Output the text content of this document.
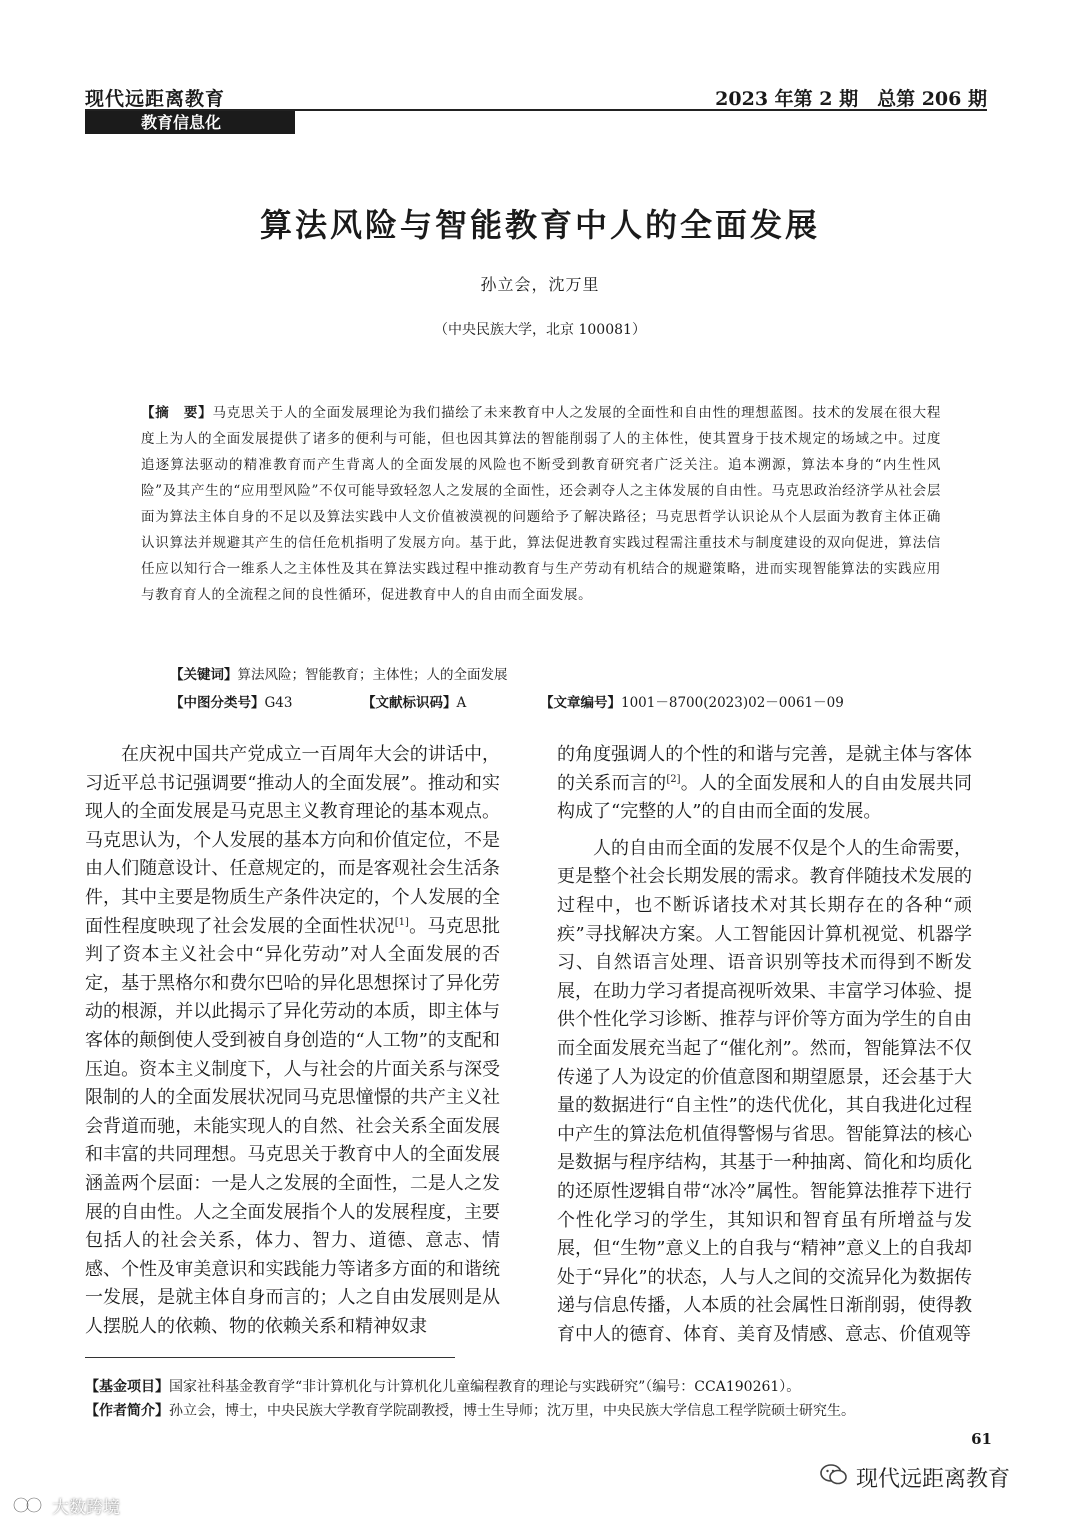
现代远距离教育	2023 年第 2 期　总第 206 期
教育信息化
算法风险与智能教育中人的全面发展
孙立会，沈万里
（中央民族大学，北京 100081）
【摘　要】马克思关于人的全面发展理论为我们描绘了未来教育中人之发展的全面性和自由性的理想蓝图。技术的发展在很大程度上为人的全面发展提供了诸多的便利与可能，但也因其算法的智能削弱了人的主体性，使其置身于技术规定的场域之中。过度追逐算法驱动的精准教育而产生背离人的全面发展的风险也不断受到教育研究者广泛关注。追本溯源，算法本身的“内生性风险”及其产生的“应用型风险”不仅可能导致轻忽人之发展的全面性，还会剥夺人之主体发展的自由性。马克思政治经济学从社会层面为算法主体自身的不足以及算法实践中人文价值被漠视的问题给予了解决路径；马克思哲学认识论从个人层面为教育主体正确认识算法并规避其产生的信任危机指明了发展方向。基于此，算法促进教育实践过程需注重技术与制度建设的双向促进，算法信任应以知行合一维系人之主体性及其在算法实践过程中推动教育与生产劳动有机结合的规避策略，进而实现智能算法的实践应用与教育育人的全流程之间的良性循环，促进教育中人的自由而全面发展。
【关键词】算法风险；智能教育；主体性；人的全面发展
【中图分类号】G43	【文献标识码】A	【文章编号】1001－8700(2023)02－0061－09

在庆祝中国共产党成立一百周年大会的讲话中，习近平总书记强调要“推动人的全面发展”。推动和实现人的全面发展是马克思主义教育理论的基本观点。马克思认为，个人发展的基本方向和价值定位，不是由人们随意设计、任意规定的，而是客观社会生活条件，其中主要是物质生产条件决定的，个人发展的全面性程度映现了社会发展的全面性状况[1]。马克思批判了资本主义社会中“异化劳动”对人全面发展的否定，基于黑格尔和费尔巴哈的异化思想探讨了异化劳动的根源，并以此揭示了异化劳动的本质，即主体与客体的颠倒使人受到被自身创造的“人工物”的支配和压迫。资本主义制度下，人与社会的片面关系与深受限制的人的全面发展状况同马克思憧憬的共产主义社会背道而驰，未能实现人的自然、社会关系全面发展和丰富的共同理想。马克思关于教育中人的全面发展涵盖两个层面：一是人之发展的全面性，二是人之发展的自由性。人之全面发展指个人的发展程度，主要包括人的社会关系，体力、智力、道德、意志、情感、个性及审美意识和实践能力等诸多方面的和谐统一发展，是就主体自身而言的；人之自由发展则是从人摆脱人的依赖、物的依赖关系和精神奴隶

的角度强调人的个性的和谐与完善，是就主体与客体的关系而言的[2]。人的全面发展和人的自由发展共同构成了“完整的人”的自由而全面的发展。

人的自由而全面的发展不仅是个人的生命需要，更是整个社会长期发展的需求。教育伴随技术发展的过程中，也不断诉诸技术对其长期存在的各种“顽疾”寻找解决方案。人工智能因计算机视觉、机器学习、自然语言处理、语音识别等技术而得到不断发展，在助力学习者提高视听效果、丰富学习体验、提供个性化学习诊断、推荐与评价等方面为学生的自由而全面发展充当起了“催化剂”。然而，智能算法不仅传递了人为设定的价值意图和期望愿景，还会基于大量的数据进行“自主性”的迭代优化，其自我进化过程中产生的算法危机值得警惕与省思。智能算法的核心是数据与程序结构，其基于一种抽离、简化和均质化的还原性逻辑自带“冰冷”属性。智能算法推荐下进行个性化学习的学生，其知识和智育虽有所增益与发展，但“生物”意义上的自我与“精神”意义上的自我却处于“异化”的状态，人与人之间的交流异化为数据传递与信息传播，人本质的社会属性日渐削弱，使得教育中人的德育、体育、美育及情感、意志、价值观等

【基金项目】国家社科基金教育学“非计算机化与计算机化儿童编程教育的理论与实践研究”（编号：CCA190261）。
【作者简介】孙立会，博士，中央民族大学教育学院副教授，博士生导师；沈万里，中央民族大学信息工程学院硕士研究生。
61
现代远距离教育
大数跨境
